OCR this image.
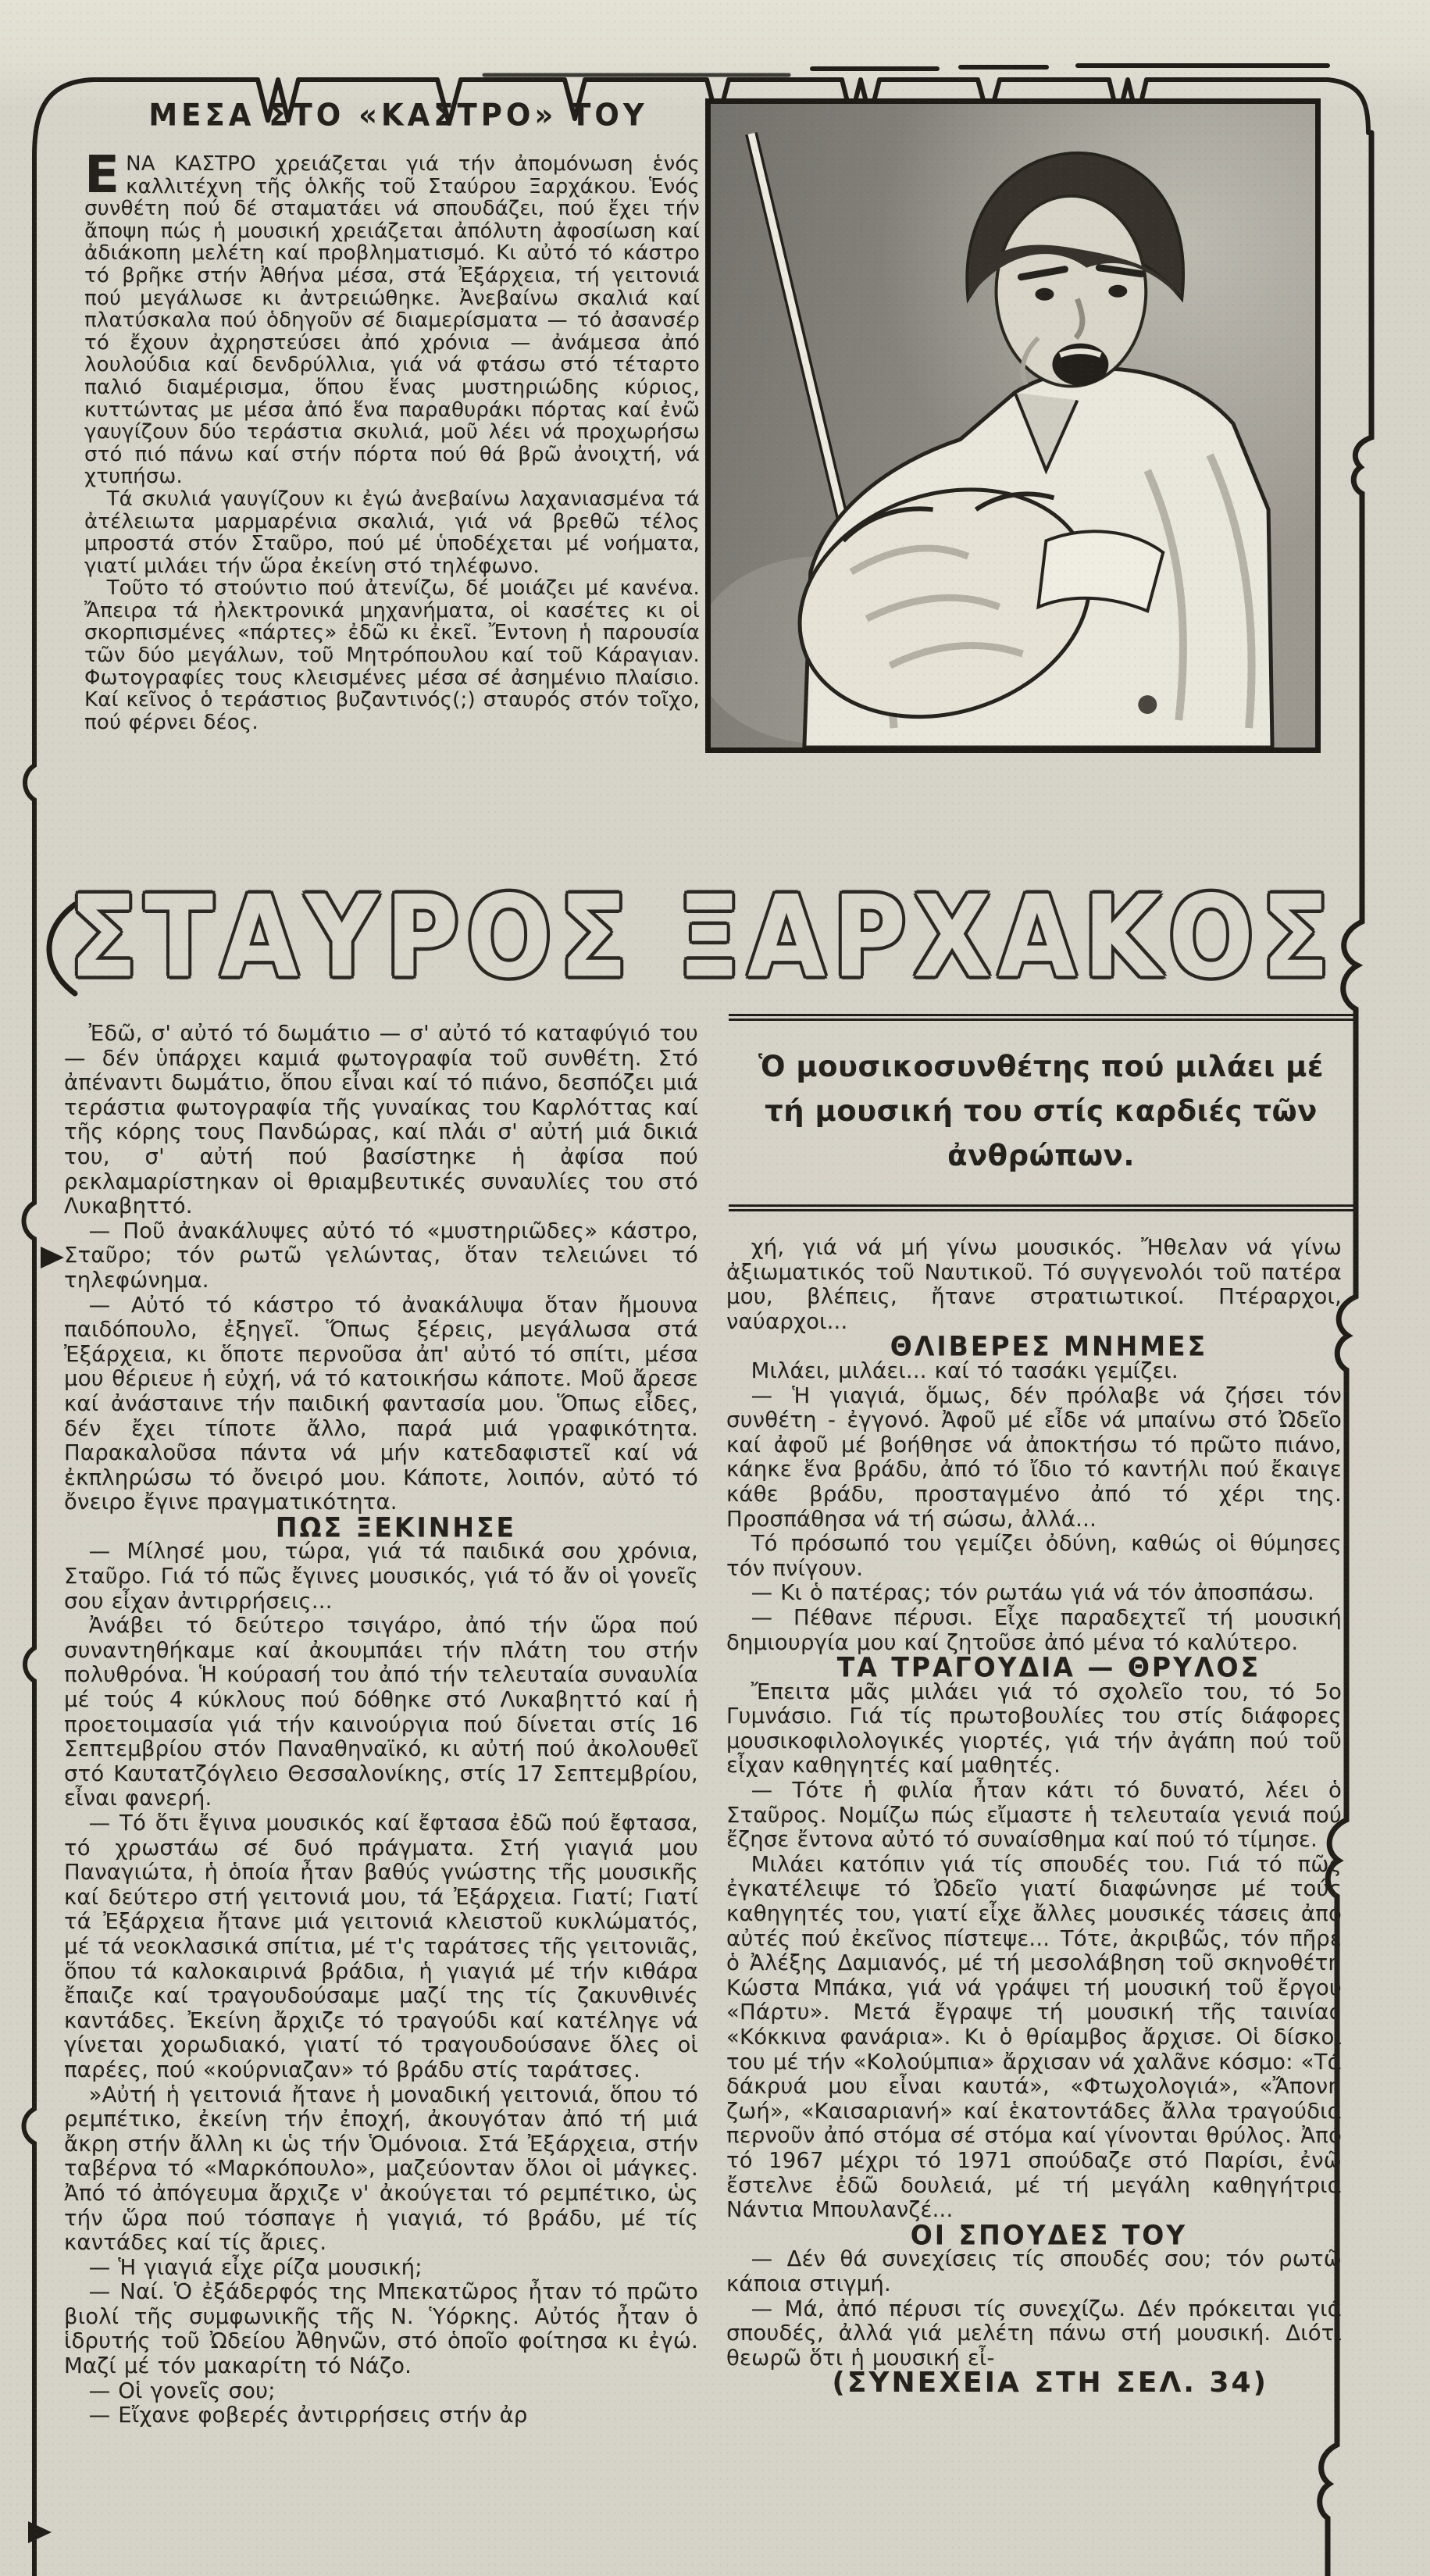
ΜΕΣΑ ΣΤΟ «ΚΑΣΤΡΟ» ΤΟΥ

ΕΝΑ ΚΑΣΤΡΟ χρειάζεται γιά τήν ἀπομόνωση ἑνός καλλιτέχνη τῆς ὁλκῆς τοῦ Σταύρου Ξαρχάκου. Ἑνός συνθέτη πού δέ σταματάει νά σπουδάζει, πού ἔχει τήν ἄποψη πώς ἡ μουσική χρειάζεται ἀπόλυτη ἀφοσίωση καί ἀδιάκοπη μελέτη καί προβληματισμό. Κι αὐτό τό κάστρο τό βρῆκε στήν Ἀθήνα μέσα, στά Ἐξάρχεια, τή γειτονιά πού μεγάλωσε κι ἀντρειώθηκε. Ἀνεβαίνω σκαλιά καί πλατύσκαλα πού ὁδηγοῦν σέ διαμερίσματα — τό ἀσανσέρ τό ἔχουν ἀχρηστεύσει ἀπό χρόνια — ἀνάμεσα ἀπό λουλούδια καί δενδρύλλια, γιά νά φτάσω στό τέταρτο παλιό διαμέρισμα, ὅπου ἕνας μυστηριώδης κύριος, κυττώντας με μέσα ἀπό ἕνα παραθυράκι πόρτας καί ἐνῶ γαυγίζουν δύο τεράστια σκυλιά, μοῦ λέει νά προχωρήσω στό πιό πάνω καί στήν πόρτα πού θά βρῶ ἀνοιχτή, νά χτυπήσω.

Τά σκυλιά γαυγίζουν κι ἐγώ ἀνεβαίνω λαχανιασμένα τά ἀτέλειωτα μαρμαρένια σκαλιά, γιά νά βρεθῶ τέλος μπροστά στόν Σταῦρο, πού μέ ὑποδέχεται μέ νοήματα, γιατί μιλάει τήν ὥρα ἐκείνη στό τηλέφωνο.

Τοῦτο τό στούντιο πού ἀτενίζω, δέ μοιάζει μέ κανένα. Ἄπειρα τά ἠλεκτρονικά μηχανήματα, οἱ κασέτες κι οἱ σκορπισμένες «πάρτες» ἐδῶ κι ἐκεῖ. Ἔντονη ἡ παρουσία τῶν δύο μεγάλων, τοῦ Μητρόπουλου καί τοῦ Κάραγιαν. Φωτογραφίες τους κλεισμένες μέσα σέ ἀσημένιο πλαίσιο. Καί κεῖνος ὁ τεράστιος βυζαντινός(;) σταυρός στόν τοῖχο, πού φέρνει δέος.

ΣΤΑΥΡΟΣ ΞΑΡΧΑΚΟΣ
Ὁ μουσικοσυνθέτης πού μιλάει μέ τή μουσική του στίς καρδιές τῶν ἀνθρώπων.

Ἐδῶ, σ' αὐτό τό δωμάτιο — σ' αὐτό τό καταφύγιό του — δέν ὑπάρχει καμιά φωτογραφία τοῦ συνθέτη. Στό ἀπέναντι δωμάτιο, ὅπου εἶναι καί τό πιάνο, δεσπόζει μιά τεράστια φωτογραφία τῆς γυναίκας του Καρλόττας καί τῆς κόρης τους Πανδώρας, καί πλάι σ' αὐτή μιά δικιά του, σ' αὐτή πού βασίστηκε ἡ ἀφίσα πού ρεκλαμαρίστηκαν οἱ θριαμβευτικές συναυλίες του στό Λυκαβηττό.

— Ποῦ ἀνακάλυψες αὐτό τό «μυστηριῶδες» κάστρο, Σταῦρο; τόν ρωτῶ γελώντας, ὅταν τελειώνει τό τηλεφώνημα.

— Αὐτό τό κάστρο τό ἀνακάλυψα ὅταν ἤμουνα παιδόπουλο, ἐξηγεῖ. Ὅπως ξέρεις, μεγάλωσα στά Ἐξάρχεια, κι ὅποτε περνοῦσα ἀπ' αὐτό τό σπίτι, μέσα μου θέριευε ἡ εὐχή, νά τό κατοικήσω κάποτε. Μοῦ ἄρεσε καί ἀνάσταινε τήν παιδική φαντασία μου. Ὅπως εἶδες, δέν ἔχει τίποτε ἄλλο, παρά μιά γραφικότητα. Παρακαλοῦσα πάντα νά μήν κατεδαφιστεῖ καί νά ἐκπληρώσω τό ὄνειρό μου. Κάποτε, λοιπόν, αὐτό τό ὄνειρο ἔγινε πραγματικότητα.

ΠΩΣ ΞΕΚΙΝΗΣΕ

— Μίλησέ μου, τώρα, γιά τά παιδικά σου χρόνια, Σταῦρο. Γιά τό πῶς ἔγινες μουσικός, γιά τό ἄν οἱ γονεῖς σου εἶχαν ἀντιρρήσεις...

Ἀνάβει τό δεύτερο τσιγάρο, ἀπό τήν ὥρα πού συναντηθήκαμε καί ἀκουμπάει τήν πλάτη του στήν πολυθρόνα. Ἡ κούρασή του ἀπό τήν τελευταία συναυλία μέ τούς 4 κύκλους πού δόθηκε στό Λυκαβηττό καί ἡ προετοιμασία γιά τήν καινούργια πού δίνεται στίς 16 Σεπτεμβρίου στόν Παναθηναϊκό, κι αὐτή πού ἀκολουθεῖ στό Καυτατζόγλειο Θεσσαλονίκης, στίς 17 Σεπτεμβρίου, εἶναι φανερή.

— Τό ὅτι ἔγινα μουσικός καί ἔφτασα ἐδῶ πού ἔφτασα, τό χρωστάω σέ δυό πράγματα. Στή γιαγιά μου Παναγιώτα, ἡ ὁποία ἦταν βαθύς γνώστης τῆς μουσικῆς καί δεύτερο στή γειτονιά μου, τά Ἐξάρχεια. Γιατί; Γιατί τά Ἐξάρχεια ἤτανε μιά γειτονιά κλειστοῦ κυκλώματός, μέ τά νεοκλασικά σπίτια, μέ τ'ς ταράτσες τῆς γειτονιᾶς, ὅπου τά καλοκαιρινά βράδια, ἡ γιαγιά μέ τήν κιθάρα ἔπαιζε καί τραγουδούσαμε μαζί της τίς ζακυνθινές καντάδες. Ἐκείνη ἄρχιζε τό τραγούδι καί κατέληγε νά γίνεται χορωδιακό, γιατί τό τραγουδούσανε ὅλες οἱ παρέες, πού «κούρνιαζαν» τό βράδυ στίς ταράτσες.

»Αὐτή ἡ γειτονιά ἤτανε ἡ μοναδική γειτονιά, ὅπου τό ρεμπέτικο, ἐκείνη τήν ἐποχή, ἀκουγόταν ἀπό τή μιά ἄκρη στήν ἄλλη κι ὡς τήν Ὁμόνοια. Στά Ἐξάρχεια, στήν ταβέρνα τό «Μαρκόπουλο», μαζεύονταν ὅλοι οἱ μάγκες. Ἀπό τό ἀπόγευμα ἄρχιζε ν' ἀκούγεται τό ρεμπέτικο, ὡς τήν ὥρα πού τόσπαγε ἡ γιαγιά, τό βράδυ, μέ τίς καντάδες καί τίς ἄριες.

— Ἡ γιαγιά εἶχε ρίζα μουσική;

— Ναί. Ὁ ἐξάδερφός της Μπεκατῶρος ἦταν τό πρῶτο βιολί τῆς συμφωνικῆς τῆς Ν. Ὑόρκης. Αὐτός ἦταν ὁ ἱδρυτής τοῦ Ὠδείου Ἀθηνῶν, στό ὁποῖο φοίτησα κι ἐγώ. Μαζί μέ τόν μακαρίτη τό Νάζο.

— Οἱ γονεῖς σου;

— Εἴχανε φοβερές ἀντιρρήσεις στήν ἀρ

χή, γιά νά μή γίνω μουσικός. Ἤθελαν νά γίνω ἀξιωματικός τοῦ Ναυτικοῦ. Τό συγγενολόι τοῦ πατέρα μου, βλέπεις, ἤτανε στρατιωτικοί. Πτέραρχοι, ναύαρχοι...

ΘΛΙΒΕΡΕΣ ΜΝΗΜΕΣ

Μιλάει, μιλάει... καί τό τασάκι γεμίζει.

— Ἡ γιαγιά, ὅμως, δέν πρόλαβε νά ζήσει τόν συνθέτη - ἐγγονό. Ἀφοῦ μέ εἶδε νά μπαίνω στό Ὠδεῖο καί ἀφοῦ μέ βοήθησε νά ἀποκτήσω τό πρῶτο πιάνο, κάηκε ἕνα βράδυ, ἀπό τό ἴδιο τό καντήλι πού ἔκαιγε κάθε βράδυ, προσταγμένο ἀπό τό χέρι της. Προσπάθησα νά τή σώσω, ἀλλά...

Τό πρόσωπό του γεμίζει ὀδύνη, καθώς οἱ θύμησες τόν πνίγουν.

— Κι ὁ πατέρας; τόν ρωτάω γιά νά τόν ἀποσπάσω.

— Πέθανε πέρυσι. Εἶχε παραδεχτεῖ τή μουσική δημιουργία μου καί ζητοῦσε ἀπό μένα τό καλύτερο.

ΤΑ ΤΡΑΓΟΥΔΙΑ — ΘΡΥΛΟΣ

Ἔπειτα μᾶς μιλάει γιά τό σχολεῖο του, τό 5ο Γυμνάσιο. Γιά τίς πρωτοβουλίες του στίς διάφορες μουσικοφιλολογικές γιορτές, γιά τήν ἀγάπη πού τοῦ εἶχαν καθηγητές καί μαθητές.

— Τότε ἡ φιλία ἦταν κάτι τό δυνατό, λέει ὁ Σταῦρος. Νομίζω πώς εἴμαστε ἡ τελευταία γενιά πού ἔζησε ἔντονα αὐτό τό συναίσθημα καί πού τό τίμησε.

Μιλάει κατόπιν γιά τίς σπουδές του. Γιά τό πῶς ἐγκατέλειψε τό Ὠδεῖο γιατί διαφώνησε μέ τούς καθηγητές του, γιατί εἶχε ἄλλες μουσικές τάσεις ἀπό αὐτές πού ἐκεῖνος πίστεψε... Τότε, ἀκριβῶς, τόν πῆρε ὁ Ἀλέξης Δαμιανός, μέ τή μεσολάβηση τοῦ σκηνοθέτη Κώστα Μπάκα, γιά νά γράψει τή μουσική τοῦ ἔργου «Πάρτυ». Μετά ἔγραψε τή μουσική τῆς ταινίας «Κόκκινα φανάρια». Κι ὁ θρίαμβος ἄρχισε. Οἱ δίσκοι του μέ τήν «Κολούμπια» ἄρχισαν νά χαλᾶνε κόσμο: «Τά δάκρυά μου εἶναι καυτά», «Φτωχολογιά», «Ἄπονη ζωή», «Καισαριανή» καί ἑκατοντάδες ἄλλα τραγούδια περνοῦν ἀπό στόμα σέ στόμα καί γίνονται θρύλος. Ἀπό τό 1967 μέχρι τό 1971 σπούδαζε στό Παρίσι, ἐνῶ ἔστελνε ἐδῶ δουλειά, μέ τή μεγάλη καθηγήτρια Νάντια Μπουλανζέ...

ΟΙ ΣΠΟΥΔΕΣ ΤΟΥ

— Δέν θά συνεχίσεις τίς σπουδές σου; τόν ρωτῶ κάποια στιγμή.

— Μά, ἀπό πέρυσι τίς συνεχίζω. Δέν πρόκειται γιά σπουδές, ἀλλά γιά μελέτη πάνω στή μουσική. Διότι θεωρῶ ὅτι ἡ μουσική εἶ-

(ΣΥΝΕΧΕΙΑ ΣΤΗ ΣΕΛ. 34)
